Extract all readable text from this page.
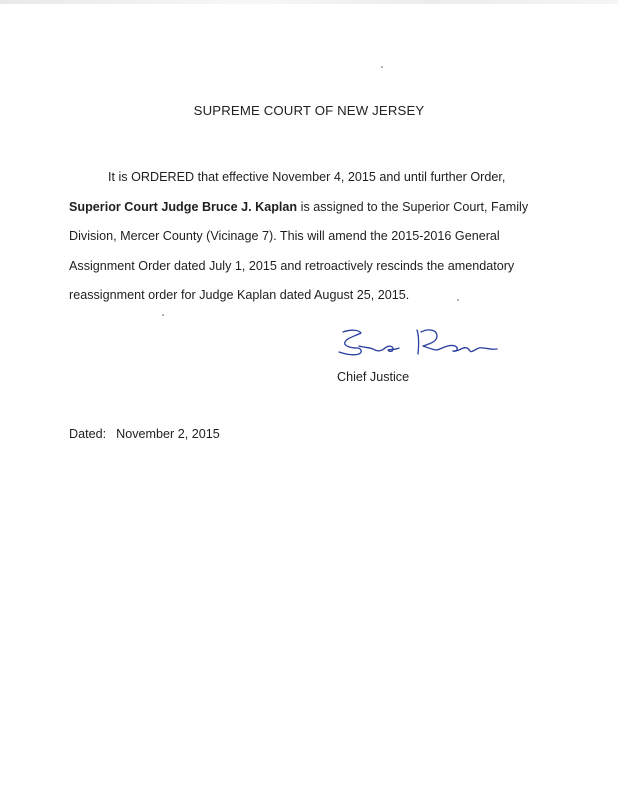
SUPREME COURT OF NEW JERSEY
It is ORDERED that effective November 4, 2015 and until further Order,
Superior Court Judge Bruce J. Kaplan is assigned to the Superior Court, Family
Division, Mercer County (Vicinage 7). This will amend the 2015-2016 General
Assignment Order dated July 1, 2015 and retroactively rescinds the amendatory
reassignment order for Judge Kaplan dated August 25, 2015.
Chief Justice
Dated: November 2, 2015
